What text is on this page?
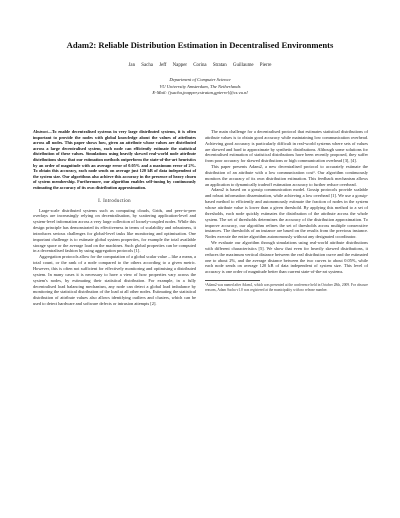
Adam2: Reliable Distribution Estimation in Decentralised Environments
Jan Sacha Jeff Napper Corina Stratan Guillaume Pierre
Department of Computer Science
VU University Amsterdam, The Netherlands
E-Mail: {jsacha,jnapper,cstratan,gpierre}@cs.vu.nl
Abstract—To enable decentralised systems in very large distributed systems, it is often important to provide the nodes with global knowledge about the values of attributes across all nodes. This paper shows how, given an attribute whose values are distributed across a large decentralised system, each node can efficiently estimate the statistical distribution of these values. Simulations using heavily skewed real-world node attribute distributions show that our estimation methods outperform the state-of-the-art heuristics by an order of magnitude with an average error of 0.05% and a maximum error of 2%. To obtain this accuracy, each node sends on average just 120 kB of data independent of the system size. Our algorithms also achieve this accuracy in the presence of heavy churn of system membership. Furthermore, our algorithm enables self-tuning by continuously estimating the accuracy of its own distribution approximation.
I. Introduction

Large-scale distributed systems such as computing clouds, Grids, and peer-to-peer overlays are increasingly relying on decentralisation, by scattering application-level and system-level information across a very large collection of loosely-coupled nodes. While this design principle has demonstrated its effectiveness in terms of scalability and robustness, it introduces serious challenges for global-level tasks like monitoring and optimisation. One important challenge is to estimate global system properties, for example the total available storage space or the average load on the machines. Such global properties can be computed in a decentralised fashion by using aggregation protocols [1].

Aggregation protocols allow for the computation of a global scalar value – like a mean, a total count, or the rank of a node compared to the others according to a given metric. However, this is often not sufficient for effectively monitoring and optimising a distributed system. In many cases it is necessary to have a view of how properties vary across the system's nodes, by estimating their statistical distribution. For example, in a fully decentralised load balancing mechanism, any node can detect a global load imbalance by monitoring the statistical distribution of the load at all other nodes. Estimating the statistical distribution of attribute values also allows identifying outliers and clusters, which can be used to detect hardware and software defects or intrusion attempts [2].

The main challenge for a decentralised protocol that estimates statistical distributions of attribute values is to obtain good accuracy while maintaining low communication overhead. Achieving good accuracy is particularly difficult in real-world systems where sets of values are skewed and hard to approximate by synthetic distributions. Although some solutions for decentralised estimation of statistical distributions have been recently proposed, they suffer from poor accuracy for skewed distributions or high communication overhead [3], [4].

This paper presents Adam2, a new decentralised protocol to accurately estimate the distribution of an attribute with a low communication cost¹. Our algorithm continuously monitors the accuracy of its own distribution estimation. This feedback mechanism allows an application to dynamically tradeoff estimation accuracy to further reduce overhead.

Adam2 is based on a gossip communication model. Gossip protocols provide scalable and robust information dissemination, while achieving a low overhead [1]. We use a gossip-based method to efficiently and autonomously estimate the fraction of nodes in the system whose attribute value is lower than a given threshold. By applying this method to a set of thresholds, each node quickly estimates the distribution of the attribute across the whole system. The set of thresholds determines the accuracy of the distribution approximation. To improve accuracy, our algorithm refines the set of thresholds across multiple consecutive instances. The thresholds of an instance are based on the results from the previous instance. Nodes execute the entire algorithm autonomously without any designated coordinator.

We evaluate our algorithm through simulations using real-world attribute distributions with different characteristics [5]. We show that even for heavily skewed distributions, it reduces the maximum vertical distance between the real distribution curve and the estimated one to about 2%, and the average distance between the two curves to about 0.05%, while each node sends on average 120 kB of data independent of system size. This level of accuracy is one order of magnitude better than current state-of-the-art systems.

¹Adam2 was named after Adam1, which was presented at the conference held in October 28th, 2009. For obscure reasons, Adam Sacha v1.0 was registered at the municipality with no release number.
